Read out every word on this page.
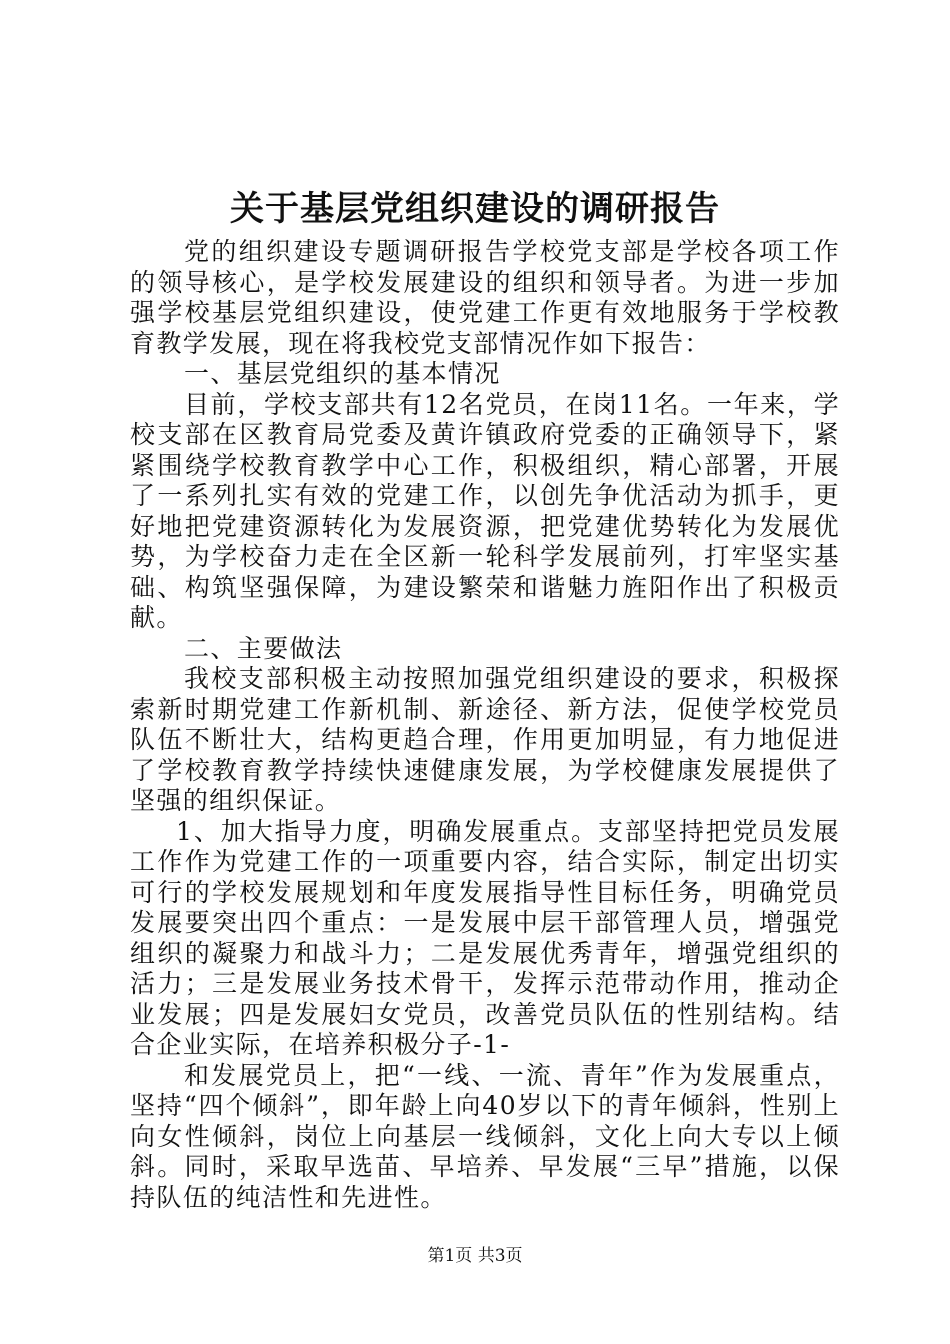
关于基层党组织建设的调研报告

党的组织建设专题调研报告学校党支部是学校各项工作的领导核心，是学校发展建设的组织和领导者。为进一步加强学校基层党组织建设，使党建工作更有效地服务于学校教育教学发展，现在将我校党支部情况作如下报告：

一、基层党组织的基本情况

目前，学校支部共有12名党员，在岗11名。一年来，学校支部在区教育局党委及黄许镇政府党委的正确领导下，紧紧围绕学校教育教学中心工作，积极组织，精心部署，开展了一系列扎实有效的党建工作，以创先争优活动为抓手，更好地把党建资源转化为发展资源，把党建优势转化为发展优势，为学校奋力走在全区新一轮科学发展前列，打牢坚实基础、构筑坚强保障，为建设繁荣和谐魅力旌阳作出了积极贡献。

二、主要做法

我校支部积极主动按照加强党组织建设的要求，积极探索新时期党建工作新机制、新途径、新方法，促使学校党员队伍不断壮大，结构更趋合理，作用更加明显，有力地促进了学校教育教学持续快速健康发展，为学校健康发展提供了坚强的组织保证。

1、加大指导力度，明确发展重点。支部坚持把党员发展工作作为党建工作的一项重要内容，结合实际，制定出切实可行的学校发展规划和年度发展指导性目标任务，明确党员发展要突出四个重点：一是发展中层干部管理人员，增强党组织的凝聚力和战斗力；二是发展优秀青年，增强党组织的活力；三是发展业务技术骨干，发挥示范带动作用，推动企业发展；四是发展妇女党员，改善党员队伍的性别结构。结合企业实际，在培养积极分子-1-

和发展党员上，把“一线、一流、青年”作为发展重点，坚持“四个倾斜”，即年龄上向40岁以下的青年倾斜，性别上向女性倾斜，岗位上向基层一线倾斜，文化上向大专以上倾斜。同时，采取早选苗、早培养、早发展“三早”措施，以保持队伍的纯洁性和先进性。

第1页 共3页
